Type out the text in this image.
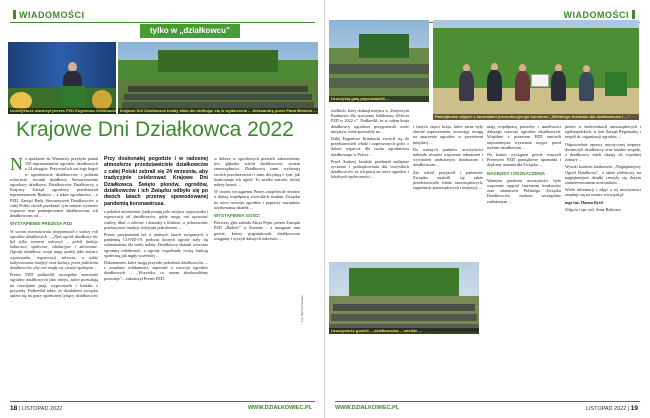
WIADOMOŚCI
tylko w „działkowcu”
Uroczystość otworzył prezes PZD Eugeniusz Kondracki	Krajowe Dni Działkowca trwały kilka dni obfitując się w wydarzenia ... Aleksandrę przez Pana Ministra ...
Krajowe Dni Działkowca 2022
N a spotkanie do Warszawy przybyło ponad 150 reprezentantów ogrodów działkowych z 24 okręgów. Przywitał ich zaś tego kogoś w ogrodnictwie działkowców i polskim rolnictwie: rocznik działkowy Stowarzyszenia ogrodowy działkowy, Działkowców Działkowcy, a Krajowy Zarząd ogrodowy przedstawiał reprezentantom Rynków – a także ogrodnictwo – z PZD. Zarząd Rady Stowarzyszeń Działkowców z całej Polski chcieli przekazać tym samym wyrazów wsparcia oraz podziękowanie działkowcom, ich działkowcom od ...

WYSTĄPIENIE PREZESA PZD

W swoim przemówieniu przypomniał o walnej roli ogrodów działkowych – „Dziś ogród działkowy nie był tylko terenem rekreacji – pełnił funkcje kulturowe, społeczne, edukacyjne i zdrowotne. Ogrody działkowe wciąż mają spokój jako miejsce wypoczynku, regeneracji zdrowia, a także kultywowania tradycji oraz kultury, przez pokolenia działkowców, aby one mogły się cieszyć spokojem ...

Prezes PZD podkreślił szczególne znaczenie ogrodów działkowych jako miejsc, które pozwalają na rozwijanie pasji, wypoczynek i kontakt z przyrodą. Podkreślał także, że działalność związku opiera się na pracy społecznej tysięcy działkowców ...

Przy doskonałej pogodzie i w radosnej atmosferze przedstawiciele działkowców z całej Polski zebrali się 24 września, aby tradycyjnie celebrować Krajowe Dni Działkowca. Święto plonów, ogrodów, działkowców i ich Związku odbyło się po dwóch latach przerwy spowodowanej pandemią koronawirusa.

z pokoleń niezmiennie funkcjonują jako miejsca wypoczynku i regeneracji sił działkowców, gdzie mogą oni uprawiać rośliny, dbać o zdrowie i kontakty z bliskimi, a jednocześnie przekazywać tradycje kolejnym pokoleniom ...

Prezes przypomniał też o trudnych latach związanych z pandemią COVID-19, podczas których ogrody stały się schronieniem dla wielu rodzin. Działkowcy okazali wówczas ogromną solidarność, a ogrody wypełniały swoją funkcję społeczną jak nigdy wcześniej ...

Dokonaniem, które mogą przyszłe pokolenia działkowców ... z zasadami solidarności, zapewnił o rozwoju ogrodów działkowych – „Wszystko, co razem zbudowaliśmy pozostaje” – zakończył Prezes PZD.

w dobrze w ogrodowych prawach zakorzeniony jest głęboko wśród działkowców system samorządności. Działkowcy sami wybierają swoich przedstawicieli i sami decydują o tym, jak funkcjonuje ich ogród. To wielka wartość, której należy bronić ...

W swoim wystąpieniu Prezes zaapelował również o dalszą współpracę wszystkich struktur Związku na rzecz rozwoju ogrodów i poprawy warunków użytkowania działek ...

WYSTĄPIENIA GOŚCI

Pierwszy głos zabrała Alicja Pejas, prezes Zarządu PZD „Radość” w Koninie – a następnie inni goście, którzy pogratulowali działkowcom osiągnięć i życzyli dalszych sukcesów ...

Fot. Michał Pawelec
18 | LISTOPAD 2022	WWW.DZIAŁKOWIEC.PL
WIADOMOŚCI
Uroczystą galę poprowadzili ...
Pamiątkowe zdjęcie z laureatami prezentacyjnego konkursu „Wielkiego festiwalu dla działkowców i ...”

wielkich, który dotknął miejsca w „Krajowym Konkursie dla uczczenia Jubileuszu 40-lecia PZD w 2022 r.”. Podkreślił, że w całym kraju działkowcy ogrodowi przygotowali wiele inicjatyw, które pozwoliły na ...

Dalej Eugeniusz Kondracki zwrócił się do przedstawicieli władz i zaproszonych gości o dalsze wsparcie dla ruchu ogrodnictwa działkowego w Polsce ...

Poseł Andrzej Jasiński przekazał najlepsze życzenia i podziękowania dla wszystkich działkowców za ich pracę na rzecz ogrodów i lokalnych społeczności ...

i innych części kraju, które zaraz były obecne zaproszeniem, zwracając uwagę na znaczenie ogrodów w przestrzeni miejskiej ...

Do ważnych punktów uroczystości należało również wręczenie odznaczeń i wyróżnień zasłużonym działaczom i działkowcom ...

Zaś wśród przyjaciół i partnerów Związku znaleźli się także przedstawiciele władz samorządowych, organizacji pozarządowych i instytucji ...

mają współpracę potrzeby i możliwości dalszego rozwoju ogrodów działkowych. Wspólnie z prezesem PZD omówili najważniejsze wyzwania stojące przed ruchem działkowym ...

Na koniec wystąpień goście wręczyli Prezesowi PZD pamiątkowe upominki i dyplomy uznania dla Związku ...

NAGRODY I ODZNACZENIA

Ważnym punktem uroczystości było wręczenie nagród laureatom konkursów oraz odznaczeń Polskiego Związku Działkowców osobom szczególnie zasłużonym ...

prezes w środowiskach samorządowych i ogólnopolskich, w tym Zarząd Regionalny i zespół ds. organizacji ogrodów ...

Odpowiednie oprawy artystycznej imprezy dostarczyli działkowcy oraz lokalne zespoły, a działkowcy mieli okazję do wspólnej zabawy ...

Wysoki konkurs konkursów „Najpiękniejszy Ogród Działkowy”, a także plebiscyty na najpiękniejsze działki cieszyły się dużym zainteresowaniem uczestników ...

Wiele informacji i zdjęć z tej uroczystości znajduje się na stronie www.pzd.pl

mgr inż. Hanna Rytel

Zdjęcia i opr. red. Anna Ryhlowa

Uroczystość gościli ... działkowców ... wielkie ...
WWW.DZIAŁKOWIEC.PL	LISTOPAD 2022 | 19
